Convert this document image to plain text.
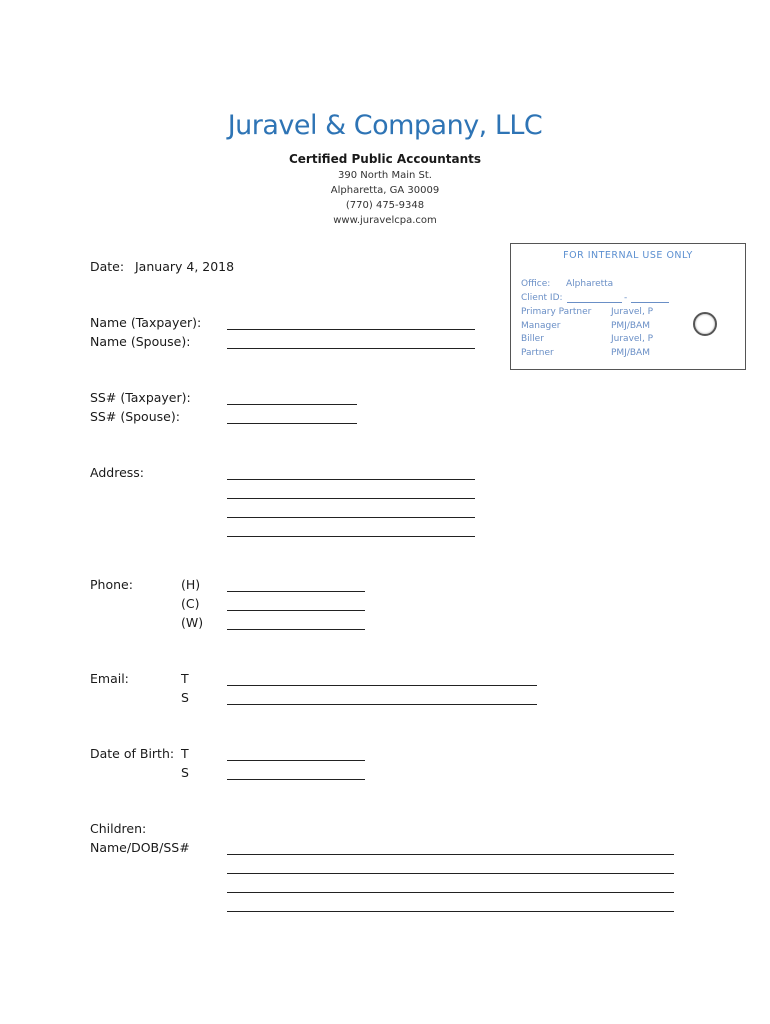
Juravel & Company, LLC
Certified Public Accountants
390 North Main St.
Alpharetta, GA 30009
(770) 475-9348
www.juravelcpa.com
FOR INTERNAL USE ONLY
Office: Alpharetta
Client ID:	-
Primary Partner Juravel, P
Manager	PMJ/BAM
Biller	Juravel, P
Partner	PMJ/BAM
Date: January 4, 2018
Name (Taxpayer):
Name (Spouse):
SS# (Taxpayer):
SS# (Spouse):
Address:
Phone:	(H)
(C)
(W)
Email:	T
S
Date of Birth: T
S
Children:
Name/DOB/SS#
